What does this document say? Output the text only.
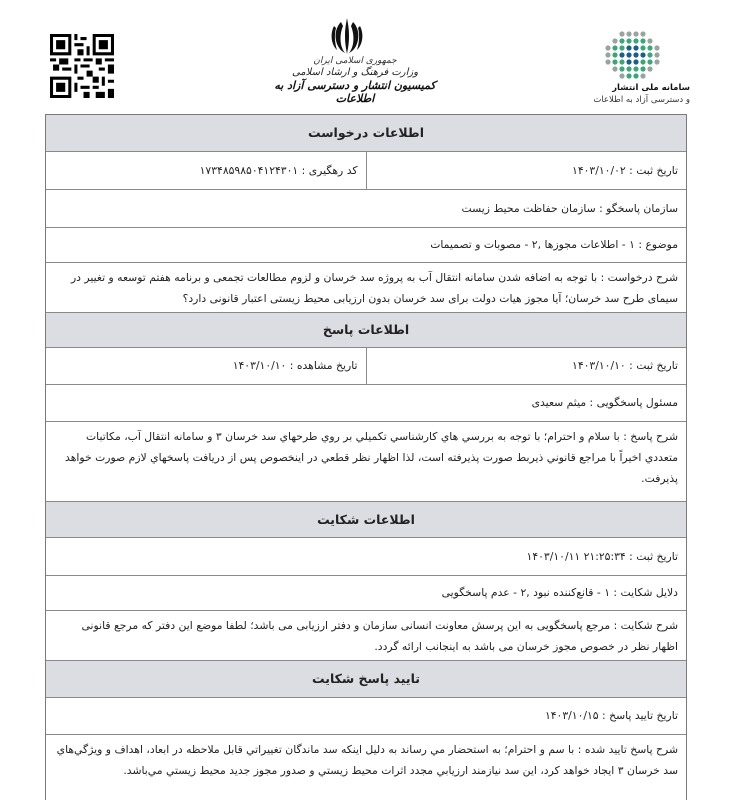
جمهوری اسلامی ایران
وزارت فرهنگ و ارشاد اسلامی
کمیسیون انتشار و دسترسی آزاد به اطلاعات
سامانه ملی انتشار
و دسترسی آزاد به اطلاعات
اطلاعات درخواست
تاریخ ثبت : ۱۴۰۳/۱۰/۰۲
کد رهگیری : ۱۷۳۴۸۵۹۸۵۰۴۱۲۴۳۰۱
سازمان پاسخگو : سازمان حفاظت محیط زیست
موضوع : ۱ - اطلاعات مجوزها ,۲ - مصوبات و تصمیمات
شرح درخواست : با توجه به اضافه شدن سامانه انتقال آب به پروژه سد خرسان و لزوم مطالعات تجمعی و برنامه هفتم توسعه و تغییر در سیمای طرح سد خرسان؛ آیا مجوز هیات دولت برای سد خرسان بدون ارزیابی محیط زیستی اعتبار قانونی دارد؟
اطلاعات پاسخ
تاریخ ثبت : ۱۴۰۳/۱۰/۱۰
تاریخ مشاهده : ۱۴۰۳/۱۰/۱۰
مسئول پاسخگویی : میثم سعیدی
شرح پاسخ : با سلام و احترام؛ با توجه به بررسي هاي كارشناسي تكميلي بر روي طرحهاي سد خرسان ۳ و سامانه انتقال آب، مكاتبات متعددي اخيراً با مراجع قانوني ذيربط صورت پذيرفته است، لذا اظهار نظر قطعي در اينخصوص پس از دريافت پاسخهاي لازم صورت خواهد پذيرفت.
اطلاعات شکایت
تاریخ ثبت : ۲۱:۲۵:۳۴ ۱۴۰۳/۱۰/۱۱
دلایل شکایت : ۱ - قانع‌کننده نبود ,۲ - عدم پاسخگویی
شرح شکایت : مرجع پاسخگویی به این پرسش معاونت انسانی سازمان و دفتر ارزیابی می باشد؛ لطفا موضع این دفتر که مرجع قانونی اظهار نظر در خصوص مجوز خرسان می باشد به اینجانب ارائه گردد.
تایید پاسخ شکایت
تاریخ تایید پاسخ : ۱۴۰۳/۱۰/۱۵
شرح پاسخ تایید شده : با سم و احترام؛ به استحضار مي رساند به دليل اينكه سد ماندگان تغييراتي قابل ملاحظه در ابعاد، اهداف و ويژگي‌هاي سد خرسان ۳ ايجاد خواهد كرد، اين سد نيازمند ارزيابي مجدد اثرات محيط زيستي و صدور مجوز جديد محيط زيستي مي‌باشد.
